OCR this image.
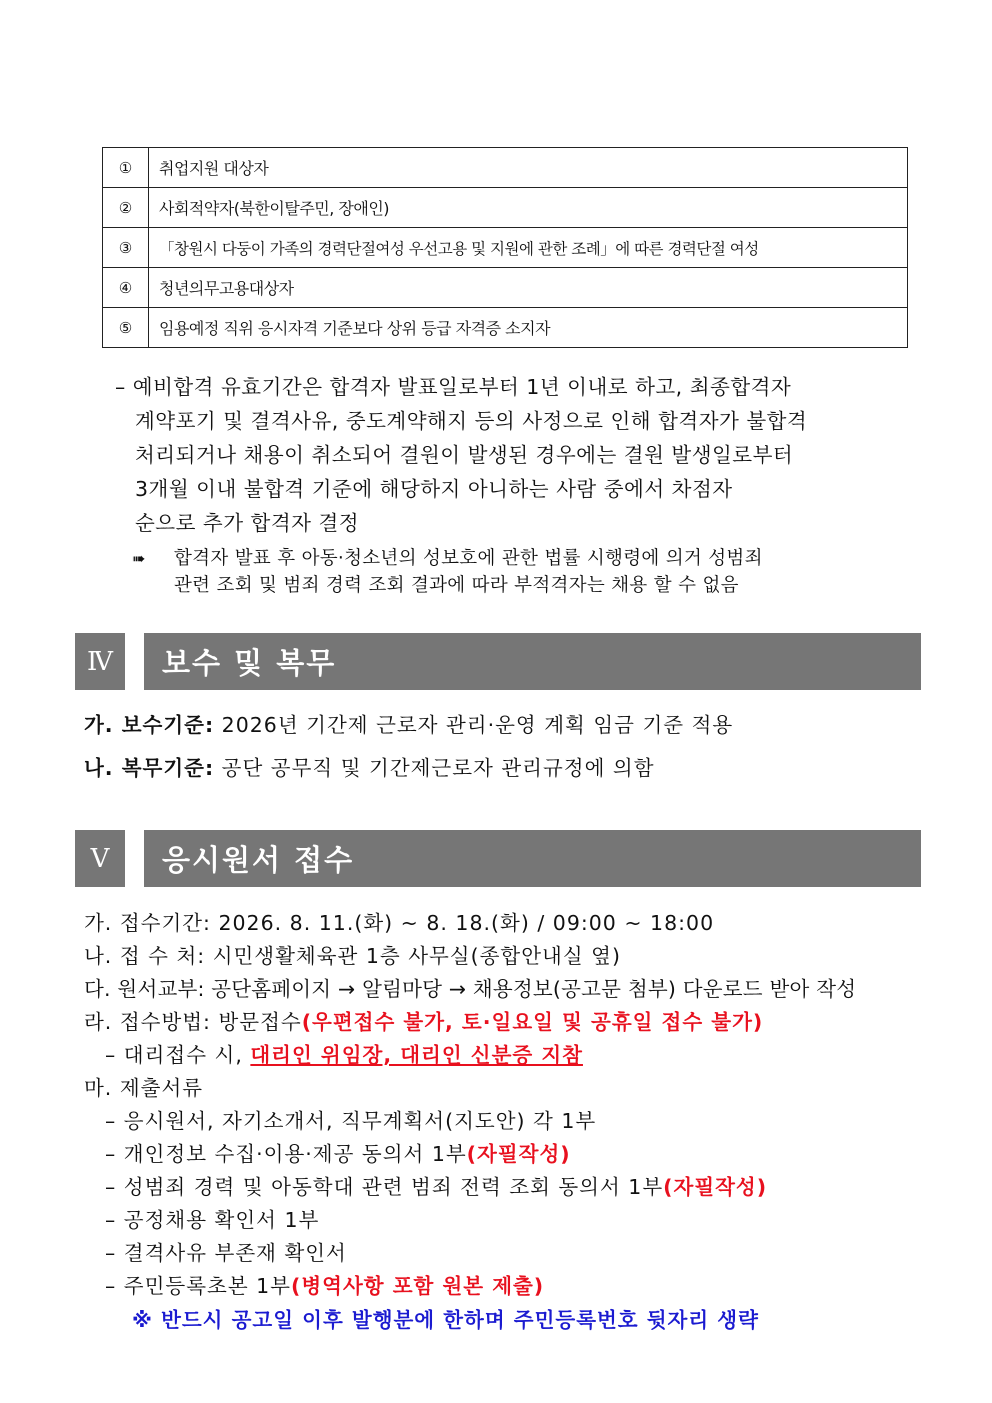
①	취업지원 대상자
②	사회적약자(북한이탈주민, 장애인)
③	「창원시 다둥이 가족의 경력단절여성 우선고용 및 지원에 관한 조례」에 따른 경력단절 여성
④	청년의무고용대상자
⑤	임용예정 직위 응시자격 기준보다 상위 등급 자격증 소지자
– 예비합격 유효기간은 합격자 발표일로부터 1년 이내로 하고, 최종합격자
계약포기 및 결격사유, 중도계약해지 등의 사정으로 인해 합격자가 불합격
처리되거나 채용이 취소되어 결원이 발생된 경우에는 결원 발생일로부터
3개월 이내 불합격 기준에 해당하지 아니하는 사람 중에서 차점자
순으로 추가 합격자 결정
➠ 합격자 발표 후 아동·청소년의 성보호에 관한 법률 시행령에 의거 성범죄
관련 조회 및 범죄 경력 조회 결과에 따라 부적격자는 채용 할 수 없음
Ⅳ	보수 및 복무
가. 보수기준: 2026년 기간제 근로자 관리·운영 계획 임금 기준 적용
나. 복무기준: 공단 공무직 및 기간제근로자 관리규정에 의함
Ⅴ	응시원서 접수
가. 접수기간: 2026. 8. 11.(화) ~ 8. 18.(화) / 09:00 ~ 18:00
나. 접 수 처: 시민생활체육관 1층 사무실(종합안내실 옆)
다. 원서교부: 공단홈페이지 → 알림마당 → 채용정보(공고문 첨부) 다운로드 받아 작성
라. 접수방법: 방문접수(우편접수 불가, 토·일요일 및 공휴일 접수 불가)
– 대리접수 시, 대리인 위임장, 대리인 신분증 지참
마. 제출서류
– 응시원서, 자기소개서, 직무계획서(지도안) 각 1부
– 개인정보 수집·이용·제공 동의서 1부(자필작성)
– 성범죄 경력 및 아동학대 관련 범죄 전력 조회 동의서 1부(자필작성)
– 공정채용 확인서 1부
– 결격사유 부존재 확인서
– 주민등록초본 1부(병역사항 포함 원본 제출)
※ 반드시 공고일 이후 발행분에 한하며 주민등록번호 뒷자리 생략
